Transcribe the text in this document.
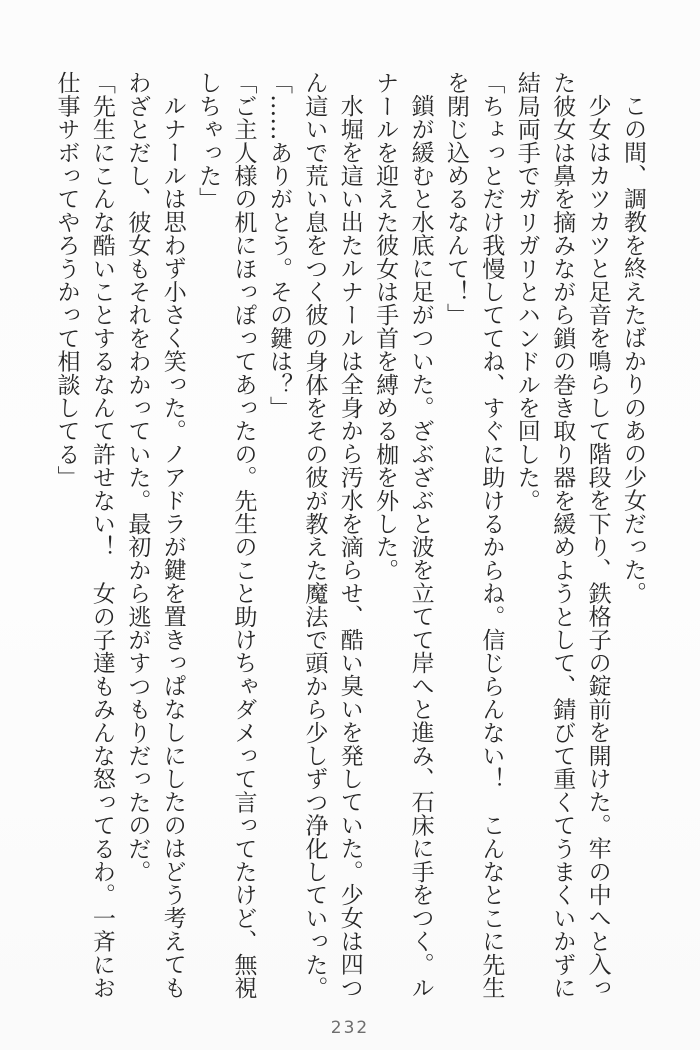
この間、調教を終えたばかりのあの少女だった。

少女はカツカツと足音を鳴らして階段を下り、鉄格子の錠前を開けた。牢の中へと入った彼女は鼻を摘みながら鎖の巻き取り器を緩めようとして、錆びて重くてうまくいかずに結局両手でガリガリとハンドルを回した。

「ちょっとだけ我慢しててね、すぐに助けるからね。信じらんない！　こんなとこに先生を閉じ込めるなんて！」

鎖が緩むと水底に足がついた。ざぶざぶと波を立てて岸へと進み、石床に手をつく。ルナールを迎えた彼女は手首を縛める枷を外した。

水堀を這い出たルナールは全身から汚水を滴らせ、酷い臭いを発していた。少女は四つん這いで荒い息をつく彼の身体をその彼が教えた魔法で頭から少しずつ浄化していった。

「……ありがとう。その鍵は？」

「ご主人様の机にほっぽってあったの。先生のこと助けちゃダメって言ってたけど、無視しちゃった」

ルナールは思わず小さく笑った。ノアドラが鍵を置きっぱなしにしたのはどう考えてもわざとだし、彼女もそれをわかっていた。最初から逃がすつもりだったのだ。

「先生にこんな酷いことするなんて許せない！　女の子達もみんな怒ってるわ。一斉にお仕事サボってやろうかって相談してる」

232
